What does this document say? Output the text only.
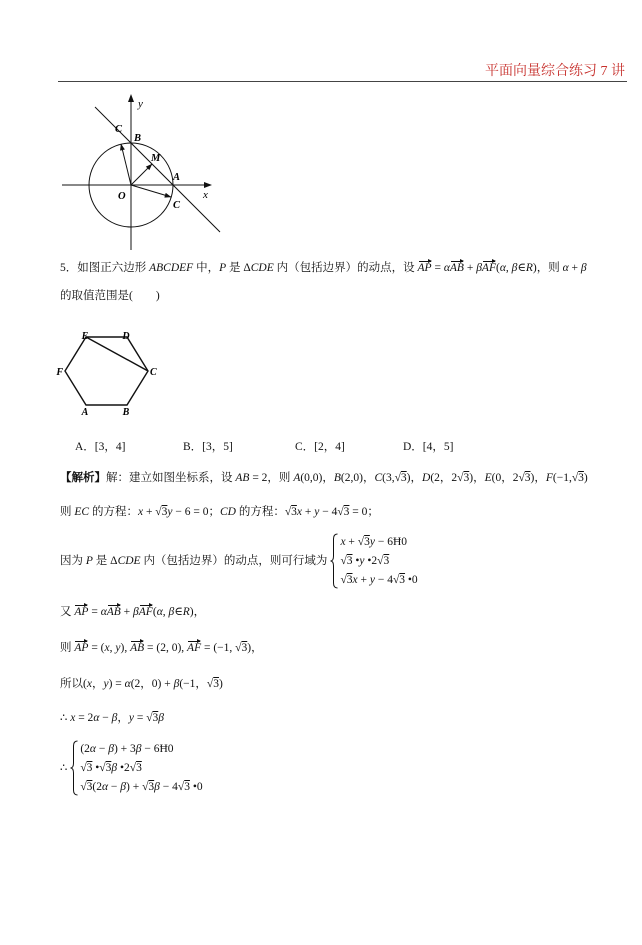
平面向量综合练习 7 讲
y
x
O
B
C
M
A
C
5．如图正六边形 ABCDEF 中，P 是 ΔCDE 内（包括边界）的动点，设 AP = αAB + βAF(α, β∈R)，则 α + β
的取值范围是(　　)
E	D
C
B
A
F
A．[3，4]	B．[3，5]	C．[2，4]	D．[4，5]
【解析】解：建立如图坐标系，设 AB = 2，则 A(0,0)，B(2,0)，C(3,√3)，D(2，2√3)，E(0，2√3)，F(−1,√3)
则 EC 的方程：x + √3y − 6 = 0；CD 的方程：√3x + y − 4√3 = 0；
因为 P 是 ΔCDE 内（包括边界）的动点，则可行域为
x + √3y − 6Ħ0
√3 •y •2√3
√3x + y − 4√3 •0
又 AP = αAB + βAF(α, β∈R)，
则 AP = (x, y), AB = (2, 0), AF = (−1, √3)，
所以(x，y) = α(2，0) + β(−1，√3)
∴ x = 2α − β，y = √3β
∴
(2α − β) + 3β − 6Ħ0
√3 •√3β •2√3
√3(2α − β) + √3β − 4√3 •0
